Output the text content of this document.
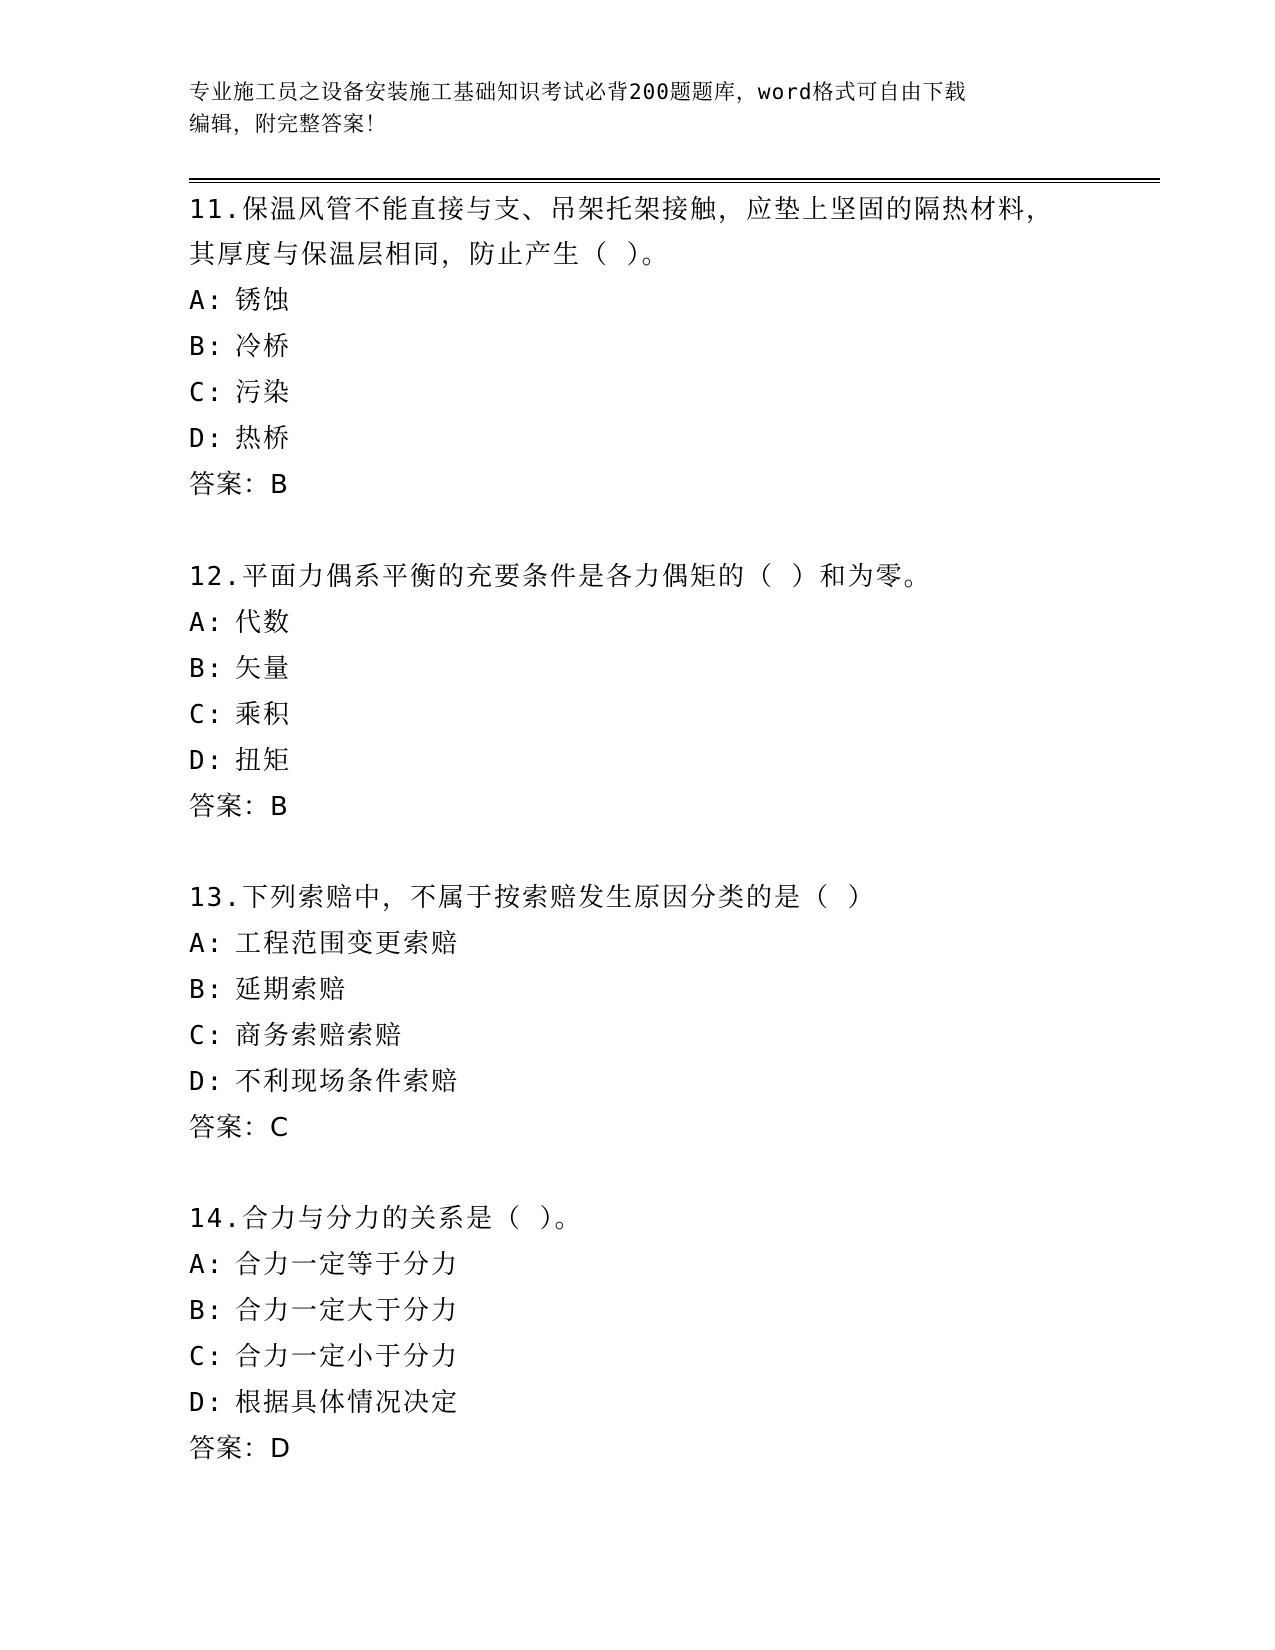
专业施工员之设备安装施工基础知识考试必背200题题库，word格式可自由下载
编辑，附完整答案！
11.保温风管不能直接与支、吊架托架接触，应垫上坚固的隔热材料，
其厚度与保温层相同，防止产生（ ）。
A: 锈蚀
B: 冷桥
C: 污染
D: 热桥
答案：B
12.平面力偶系平衡的充要条件是各力偶矩的（ ）和为零。
A: 代数
B: 矢量
C: 乘积
D: 扭矩
答案：B
13.下列索赔中，不属于按索赔发生原因分类的是（ ）
A: 工程范围变更索赔
B: 延期索赔
C: 商务索赔索赔
D: 不利现场条件索赔
答案：C
14.合力与分力的关系是（ ）。
A: 合力一定等于分力
B: 合力一定大于分力
C: 合力一定小于分力
D: 根据具体情况决定
答案：D
